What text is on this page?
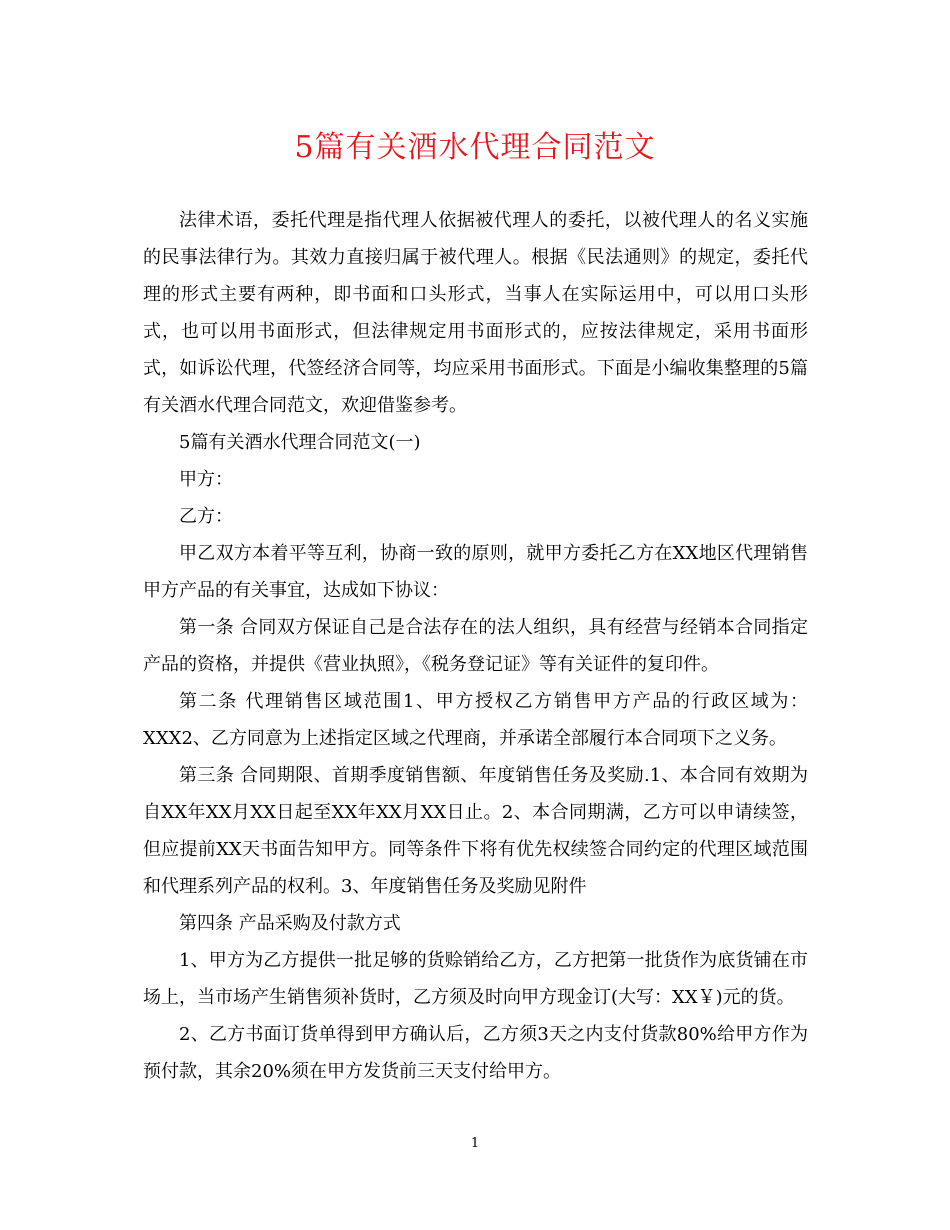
5篇有关酒水代理合同范文

法律术语，委托代理是指代理人依据被代理人的委托，以被代理人的名义实施的民事法律行为。其效力直接归属于被代理人。根据《民法通则》的规定，委托代理的形式主要有两种，即书面和口头形式，当事人在实际运用中，可以用口头形式，也可以用书面形式，但法律规定用书面形式的，应按法律规定，采用书面形式，如诉讼代理，代签经济合同等，均应采用书面形式。下面是小编收集整理的5篇有关酒水代理合同范文，欢迎借鉴参考。

5篇有关酒水代理合同范文(一)

甲方：

乙方：

甲乙双方本着平等互利，协商一致的原则，就甲方委托乙方在XX地区代理销售甲方产品的有关事宜，达成如下协议：

第一条 合同双方保证自己是合法存在的法人组织，具有经营与经销本合同指定产品的资格，并提供《营业执照》，《税务登记证》等有关证件的复印件。

第二条 代理销售区域范围1、甲方授权乙方销售甲方产品的行政区域为：XXX2、乙方同意为上述指定区域之代理商，并承诺全部履行本合同项下之义务。

第三条 合同期限、首期季度销售额、年度销售任务及奖励.1、本合同有效期为自XX年XX月XX日起至XX年XX月XX日止。2、本合同期满，乙方可以申请续签，但应提前XX天书面告知甲方。同等条件下将有优先权续签合同约定的代理区域范围和代理系列产品的权利。3、年度销售任务及奖励见附件

第四条 产品采购及付款方式

1、甲方为乙方提供一批足够的货赊销给乙方，乙方把第一批货作为底货铺在市场上，当市场产生销售须补货时，乙方须及时向甲方现金订(大写：XX￥)元的货。

2、乙方书面订货单得到甲方确认后，乙方须3天之内支付货款80%给甲方作为预付款，其余20%须在甲方发货前三天支付给甲方。

1
